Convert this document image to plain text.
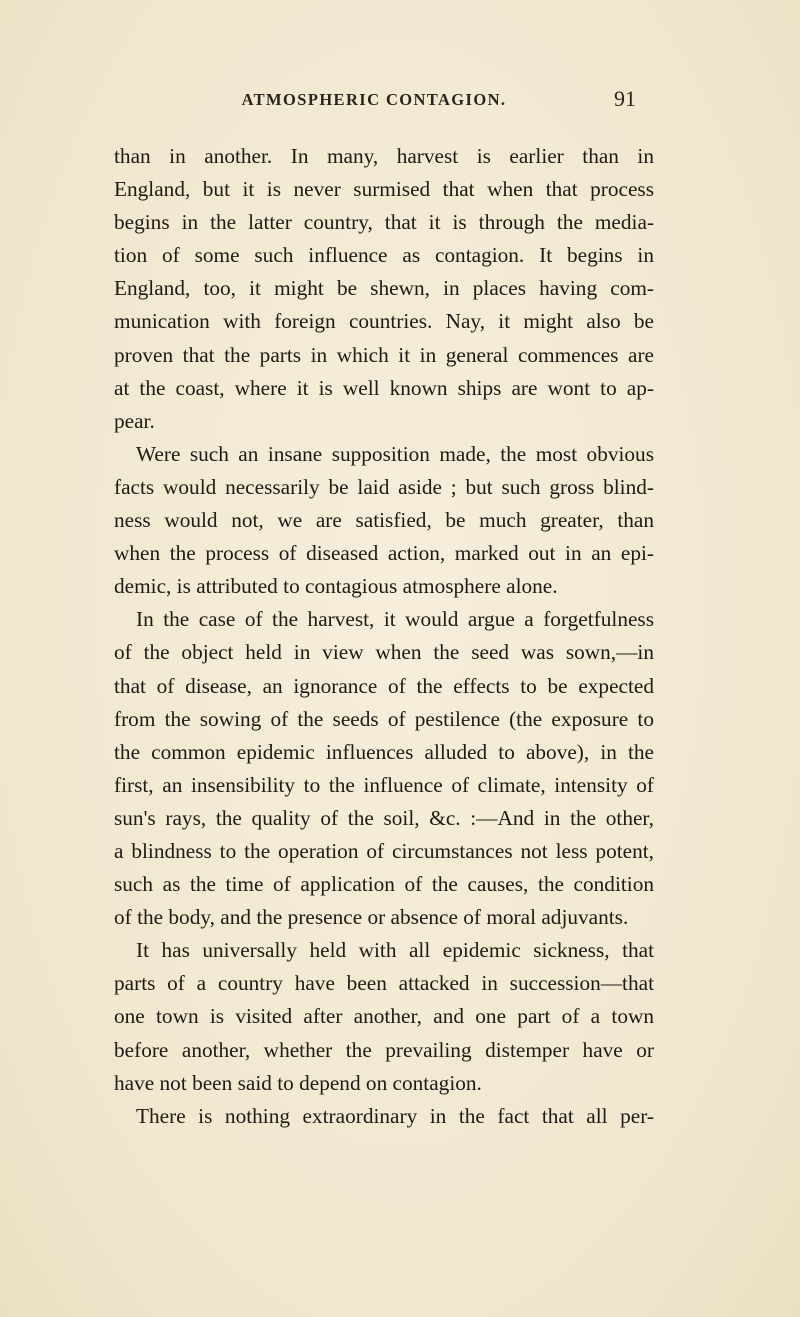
ATMOSPHERIC CONTAGION.	91
than in another. In many, harvest is earlier than in
England, but it is never surmised that when that process
begins in the latter country, that it is through the media-
tion of some such influence as contagion. It begins in
England, too, it might be shewn, in places having com-
munication with foreign countries. Nay, it might also be
proven that the parts in which it in general commences are
at the coast, where it is well known ships are wont to ap-
pear.
Were such an insane supposition made, the most obvious
facts would necessarily be laid aside ; but such gross blind-
ness would not, we are satisfied, be much greater, than
when the process of diseased action, marked out in an epi-
demic, is attributed to contagious atmosphere alone.
In the case of the harvest, it would argue a forgetfulness
of the object held in view when the seed was sown,—in
that of disease, an ignorance of the effects to be expected
from the sowing of the seeds of pestilence (the exposure to
the common epidemic influences alluded to above), in the
first, an insensibility to the influence of climate, intensity of
sun's rays, the quality of the soil, &c. :—And in the other,
a blindness to the operation of circumstances not less potent,
such as the time of application of the causes, the condition
of the body, and the presence or absence of moral adjuvants.
It has universally held with all epidemic sickness, that
parts of a country have been attacked in succession—that
one town is visited after another, and one part of a town
before another, whether the prevailing distemper have or
have not been said to depend on contagion.
There is nothing extraordinary in the fact that all per-
